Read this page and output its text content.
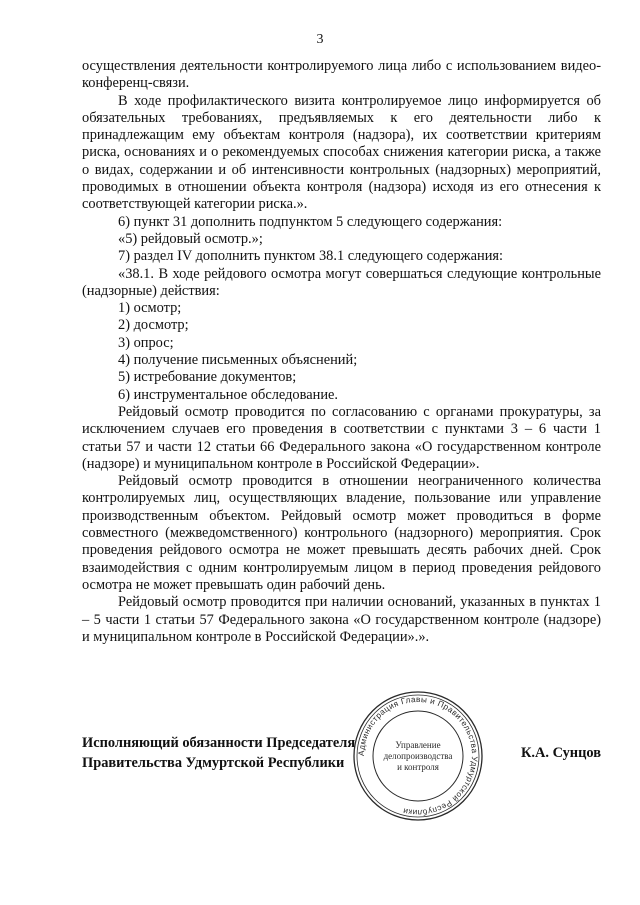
3

осуществления деятельности контролируемого лица либо с использованием видео-конференц-связи.

В ходе профилактического визита контролируемое лицо информируется об обязательных требованиях, предъявляемых к его деятельности либо к принадлежащим ему объектам контроля (надзора), их соответствии критериям риска, основаниях и о рекомендуемых способах снижения категории риска, а также о видах, содержании и об интенсивности контрольных (надзорных) мероприятий, проводимых в отношении объекта контроля (надзора) исходя из его отнесения к соответствующей категории риска.».

6) пункт 31 дополнить подпунктом 5 следующего содержания:

«5) рейдовый осмотр.»;

7) раздел IV дополнить пунктом 38.1 следующего содержания:

«38.1. В ходе рейдового осмотра могут совершаться следующие контрольные (надзорные) действия:

1) осмотр;

2) досмотр;

3) опрос;

4) получение письменных объяснений;

5) истребование документов;

6) инструментальное обследование.

Рейдовый осмотр проводится по согласованию с органами прокуратуры, за исключением случаев его проведения в соответствии с пунктами 3 – 6 части 1 статьи 57 и части 12 статьи 66 Федерального закона «О государственном контроле (надзоре) и муниципальном контроле в Российской Федерации».

Рейдовый осмотр проводится в отношении неограниченного количества контролируемых лиц, осуществляющих владение, пользование или управление производственным объектом. Рейдовый осмотр может проводиться в форме совместного (межведомственного) контрольного (надзорного) мероприятия. Срок проведения рейдового осмотра не может превышать десять рабочих дней. Срок взаимодействия с одним контролируемым лицом в период проведения рейдового осмотра не может превышать один рабочий день.

Рейдовый осмотр проводится при наличии оснований, указанных в пунктах 1 – 5 части 1 статьи 57 Федерального закона «О государственном контроле (надзоре) и муниципальном контроле в Российской Федерации».».

Администрация Главы и Правительства Удмуртской Республики
Управление
делопроизводства
и контроля
Исполняющий обязанности Председателя
Правительства Удмуртской Республики
К.А. Сунцов
